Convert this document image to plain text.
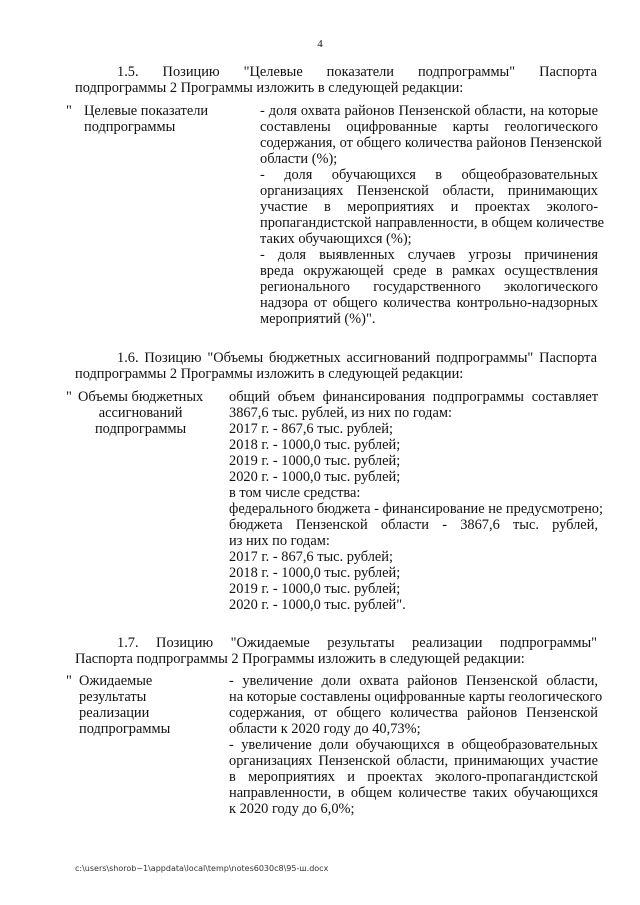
4
1.5. Позицию "Целевые показатели подпрограммы" Паспорта
подпрограммы 2 Программы изложить в следующей редакции:
" Целевые показатели
подпрограммы
- доля охвата районов Пензенской области, на которые
составлены оцифрованные карты геологического
содержания, от общего количества районов Пензенской
области (%);
- доля обучающихся в общеобразовательных
организациях Пензенской области, принимающих
участие в мероприятиях и проектах эколого-
пропагандистской направленности, в общем количестве
таких обучающихся (%);
- доля выявленных случаев угрозы причинения
вреда окружающей среде в рамках осуществления
регионального государственного экологического
надзора от общего количества контрольно-надзорных
мероприятий (%)".
1.6. Позицию "Объемы бюджетных ассигнований подпрограммы" Паспорта
подпрограммы 2 Программы изложить в следующей редакции:
" Объемы бюджетных
ассигнований
подпрограммы
общий объем финансирования подпрограммы составляет
3867,6 тыс. рублей, из них по годам:
2017 г. - 867,6 тыс. рублей;
2018 г. - 1000,0 тыс. рублей;
2019 г. - 1000,0 тыс. рублей;
2020 г. - 1000,0 тыс. рублей;
в том числе средства:
федерального бюджета - финансирование не предусмотрено;
бюджета Пензенской области - 3867,6 тыс. рублей,
из них по годам:
2017 г. - 867,6 тыс. рублей;
2018 г. - 1000,0 тыс. рублей;
2019 г. - 1000,0 тыс. рублей;
2020 г. - 1000,0 тыс. рублей".
1.7. Позицию "Ожидаемые результаты реализации подпрограммы"
Паспорта подпрограммы 2 Программы изложить в следующей редакции:
" Ожидаемые
результаты
реализации
подпрограммы
- увеличение доли охвата районов Пензенской области,
на которые составлены оцифрованные карты геологического
содержания, от общего количества районов Пензенской
области к 2020 году до 40,73%;
- увеличение доли обучающихся в общеобразовательных
организациях Пензенской области, принимающих участие
в мероприятиях и проектах эколого-пропагандистской
направленности, в общем количестве таких обучающихся
к 2020 году до 6,0%;
c:\users\shorob~1\appdata\local\temp\notes6030c8\95-ш.docx
